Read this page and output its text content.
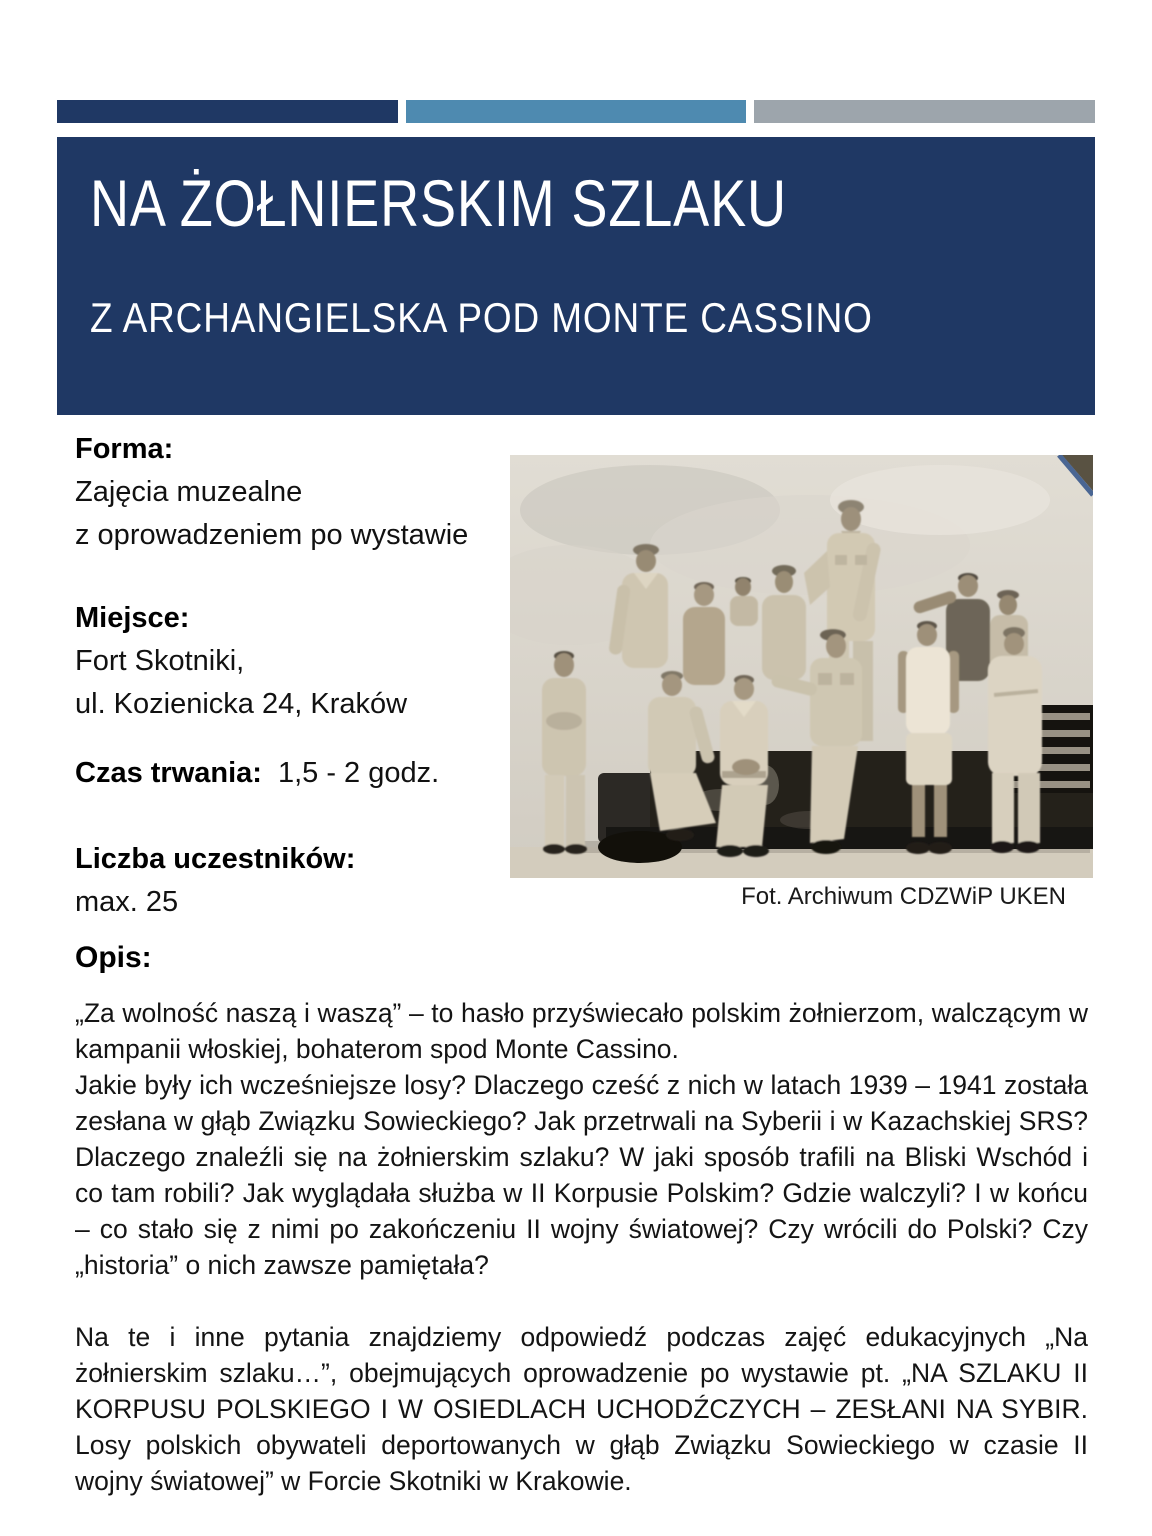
NA ŻOŁNIERSKIM SZLAKU
Z ARCHANGIELSKA POD MONTE CASSINO
Forma:
Zajęcia muzealne
z oprowadzeniem po wystawie
Miejsce:
Fort Skotniki,
ul. Kozienicka 24, Kraków
Czas trwania: 1,5 - 2 godz.
Liczba uczestników:
max. 25	Fot. Archiwum CDZWiP UKEN
Opis:

„Za wolność naszą i waszą” – to hasło przyświecało polskim żołnierzom, walczącym w kampanii włoskiej, bohaterom spod Monte Cassino.

Jakie były ich wcześniejsze losy? Dlaczego cześć z nich w latach 1939 – 1941 została zesłana w głąb Związku Sowieckiego? Jak przetrwali na Syberii i w Kazachskiej SRS? Dlaczego znaleźli się na żołnierskim szlaku? W jaki sposób trafili na Bliski Wschód i co tam robili? Jak wyglądała służba w II Korpusie Polskim? Gdzie walczyli? I w końcu – co stało się z nimi po zakończeniu II wojny światowej? Czy wrócili do Polski? Czy „historia” o nich zawsze pamiętała?

Na te i inne pytania znajdziemy odpowiedź podczas zajęć edukacyjnych „Na żołnierskim szlaku…”, obejmujących oprowadzenie po wystawie pt. „NA SZLAKU II KORPUSU POLSKIEGO I W OSIEDLACH UCHODŹCZYCH – ZESŁANI NA SYBIR. Losy polskich obywateli deportowanych w głąb Związku Sowieckiego w czasie II wojny światowej” w Forcie Skotniki w Krakowie.
